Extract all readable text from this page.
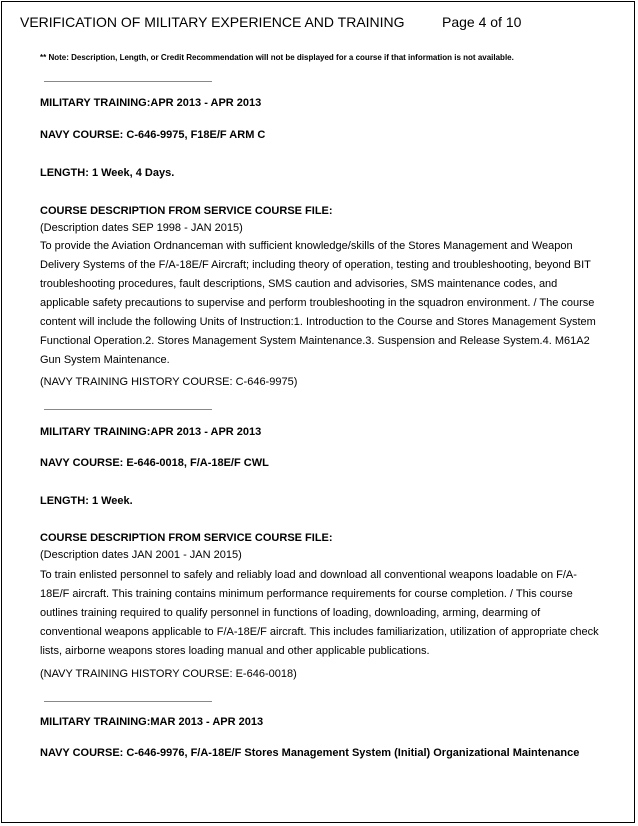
VERIFICATION OF MILITARY EXPERIENCE AND TRAINING	Page 4 of 10
** Note: Description, Length, or Credit Recommendation will not be displayed for a course if that information is not available.
MILITARY TRAINING:APR 2013 - APR 2013
NAVY COURSE: C-646-9975, F18E/F ARM C
LENGTH: 1 Week, 4 Days.
COURSE DESCRIPTION FROM SERVICE COURSE FILE:
(Description dates SEP 1998 - JAN 2015)
To provide the Aviation Ordnanceman with sufficient knowledge/skills of the Stores Management and Weapon Delivery Systems of the F/A-18E/F Aircraft; including theory of operation, testing and troubleshooting, beyond BIT troubleshooting procedures, fault descriptions, SMS caution and advisories, SMS maintenance codes, and applicable safety precautions to supervise and perform troubleshooting in the squadron environment. / The course content will include the following Units of Instruction:1. Introduction to the Course and Stores Management System Functional Operation.2. Stores Management System Maintenance.3. Suspension and Release System.4. M61A2 Gun System Maintenance.
(NAVY TRAINING HISTORY COURSE: C-646-9975)
MILITARY TRAINING:APR 2013 - APR 2013
NAVY COURSE: E-646-0018, F/A-18E/F CWL
LENGTH: 1 Week.
COURSE DESCRIPTION FROM SERVICE COURSE FILE:
(Description dates JAN 2001 - JAN 2015)
To train enlisted personnel to safely and reliably load and download all conventional weapons loadable on F/A-18E/F aircraft. This training contains minimum performance requirements for course completion. / This course outlines training required to qualify personnel in functions of loading, downloading, arming, dearming of conventional weapons applicable to F/A-18E/F aircraft. This includes familiarization, utilization of appropriate check lists, airborne weapons stores loading manual and other applicable publications.
(NAVY TRAINING HISTORY COURSE: E-646-0018)
MILITARY TRAINING:MAR 2013 - APR 2013
NAVY COURSE: C-646-9976, F/A-18E/F Stores Management System (Initial) Organizational Maintenance
